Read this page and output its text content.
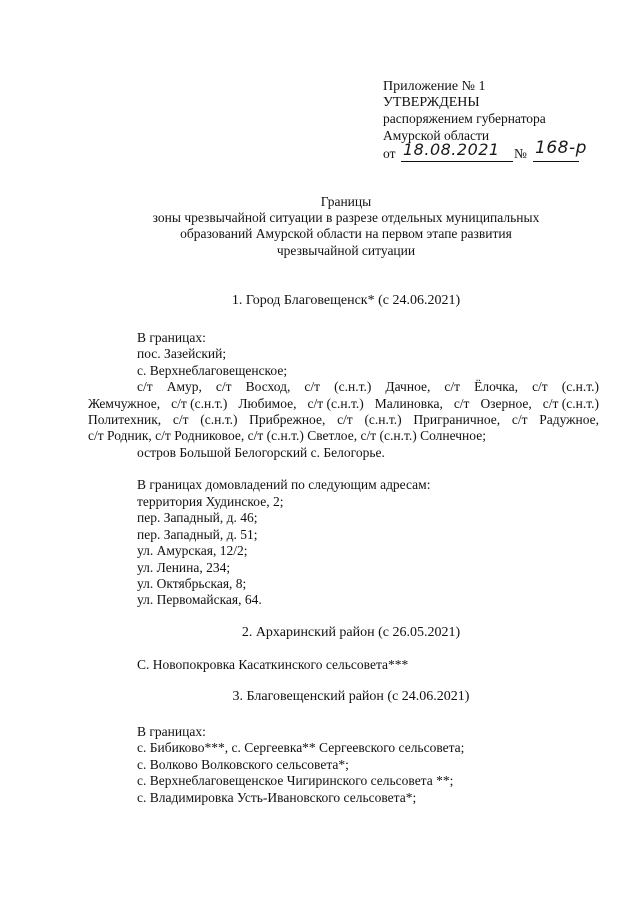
Приложение № 1
УТВЕРЖДЕНЫ
распоряжением губернатора
Амурской области
от 18.08.2021 № 168-р
Границы
зоны чрезвычайной ситуации в разрезе отдельных муниципальных
образований Амурской области на первом этапе развития
чрезвычайной ситуации
1. Город Благовещенск* (с 24.06.2021)
В границах:
пос. Зазейский;
с. Верхнеблаговещенское;
с/т Амур, с/т Восход, с/т (с.н.т.) Дачное, с/т Ёлочка, с/т (с.н.т.)
Жемчужное, с/т (с.н.т.) Любимое, с/т (с.н.т.) Малиновка, с/т Озерное, с/т (с.н.т.)
Политехник, с/т (с.н.т.) Прибрежное, с/т (с.н.т.) Приграничное, с/т Радужное,
с/т Родник, с/т Родниковое, с/т (с.н.т.) Светлое, с/т (с.н.т.) Солнечное;
остров Большой Белогорский с. Белогорье.
В границах домовладений по следующим адресам:
территория Худинское, 2;
пер. Западный, д. 46;
пер. Западный, д. 51;
ул. Амурская, 12/2;
ул. Ленина, 234;
ул. Октябрьская, 8;
ул. Первомайская, 64.
2. Архаринский район (с 26.05.2021)
С. Новопокровка Касаткинского сельсовета***
3. Благовещенский район (с 24.06.2021)
В границах:
с. Бибиково***, с. Сергеевка** Сергеевского сельсовета;
с. Волково Волковского сельсовета*;
с. Верхнеблаговещенское Чигиринского сельсовета **;
с. Владимировка Усть-Ивановского сельсовета*;
